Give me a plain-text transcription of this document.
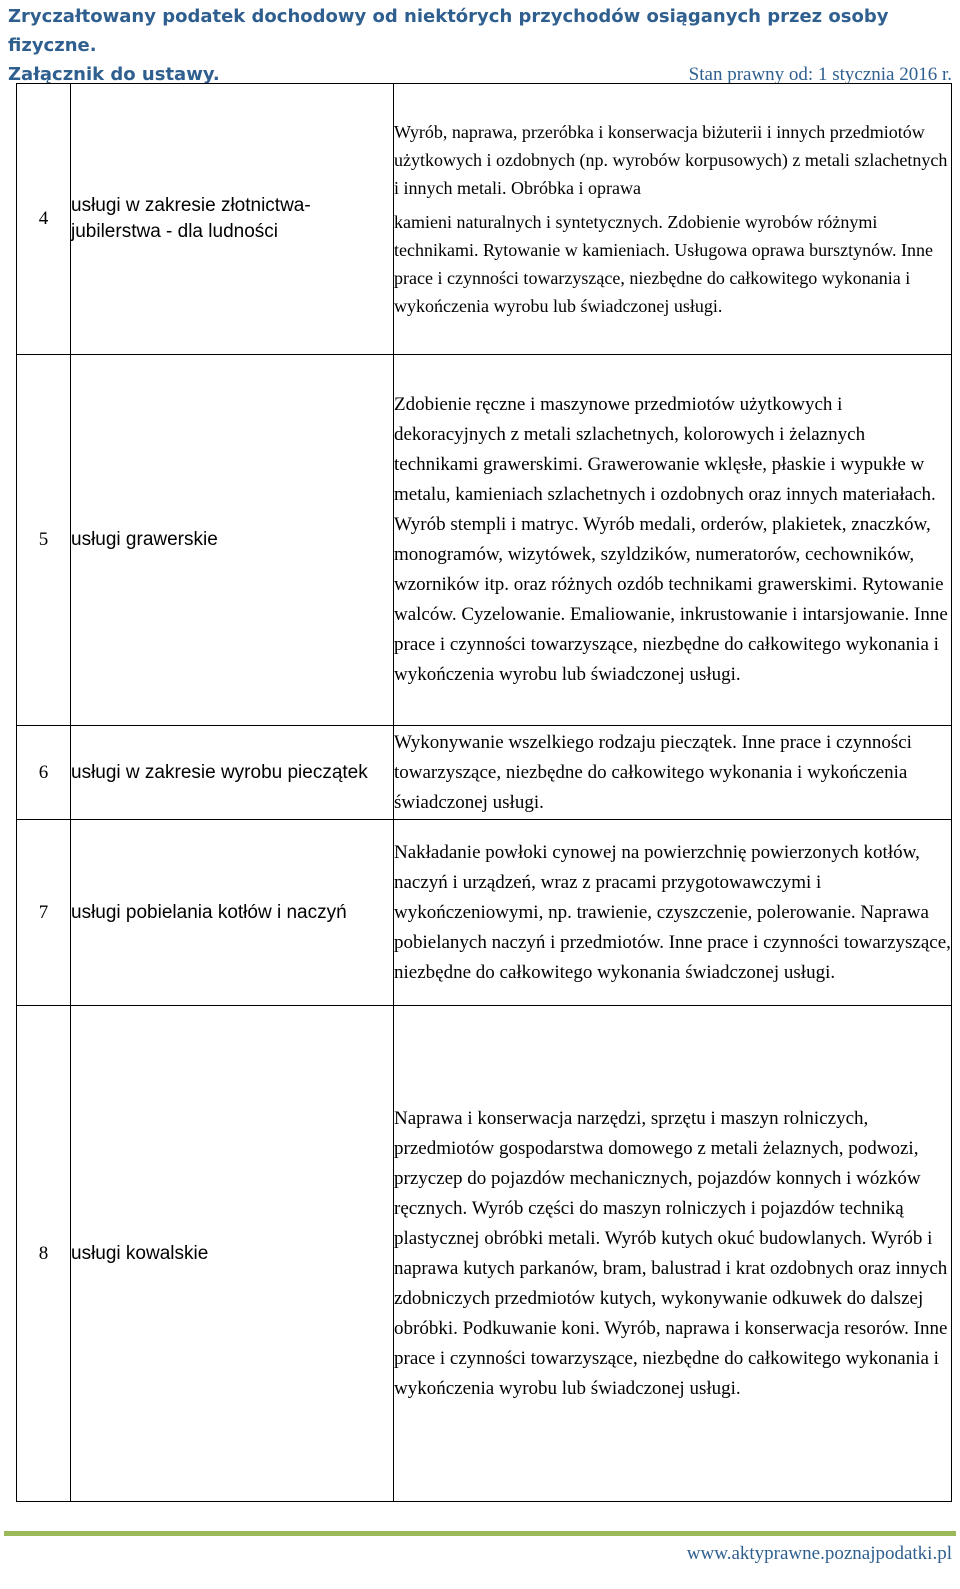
Zryczałtowany podatek dochodowy od niektórych przychodów osiąganych przez osoby fizyczne.
Załącznik do ustawy.	Stan prawny od: 1 stycznia 2016 r.
4	usługi w zakresie złotnictwa-jubilerstwa - dla ludności	Wyrób, naprawa, przeróbka i konserwacja biżuterii i innych przedmiotów użytkowych i ozdobnych (np. wyrobów korpusowych) z metali szlachetnych i innych metali. Obróbka i oprawa
kamieni naturalnych i syntetycznych. Zdobienie wyrobów różnymi technikami. Rytowanie w kamieniach. Usługowa oprawa bursztynów. Inne prace i czynności towarzyszące, niezbędne do całkowitego wykonania i wykończenia wyrobu lub świadczonej usługi.
5	usługi grawerskie	Zdobienie ręczne i maszynowe przedmiotów użytkowych i dekoracyjnych z metali szlachetnych, kolorowych i żelaznych technikami grawerskimi. Grawerowanie wklęsłe, płaskie i wypukłe w metalu, kamieniach szlachetnych i ozdobnych oraz innych materiałach. Wyrób stempli i matryc. Wyrób medali, orderów, plakietek, znaczków, monogramów, wizytówek, szyldzików, numeratorów, cechowników, wzorników itp. oraz różnych ozdób technikami grawerskimi. Rytowanie walców. Cyzelowanie. Emaliowanie, inkrustowanie i intarsjowanie. Inne prace i czynności towarzyszące, niezbędne do całkowitego wykonania i wykończenia wyrobu lub świadczonej usługi.
6	usługi w zakresie wyrobu pieczątek	Wykonywanie wszelkiego rodzaju pieczątek. Inne prace i czynności towarzyszące, niezbędne do całkowitego wykonania i wykończenia świadczonej usługi.
7	usługi pobielania kotłów i naczyń	Nakładanie powłoki cynowej na powierzchnię powierzonych kotłów, naczyń i urządzeń, wraz z pracami przygotowawczymi i wykończeniowymi, np. trawienie, czyszczenie, polerowanie. Naprawa pobielanych naczyń i przedmiotów. Inne prace i czynności towarzyszące, niezbędne do całkowitego wykonania świadczonej usługi.
8	usługi kowalskie	Naprawa i konserwacja narzędzi, sprzętu i maszyn rolniczych, przedmiotów gospodarstwa domowego z metali żelaznych, podwozi, przyczep do pojazdów mechanicznych, pojazdów konnych i wózków ręcznych. Wyrób części do maszyn rolniczych i pojazdów techniką plastycznej obróbki metali. Wyrób kutych okuć budowlanych. Wyrób i naprawa kutych parkanów, bram, balustrad i krat ozdobnych oraz innych zdobniczych przedmiotów kutych, wykonywanie odkuwek do dalszej obróbki. Podkuwanie koni. Wyrób, naprawa i konserwacja resorów. Inne prace i czynności towarzyszące, niezbędne do całkowitego wykonania i wykończenia wyrobu lub świadczonej usługi.
www.aktyprawne.poznajpodatki.pl
